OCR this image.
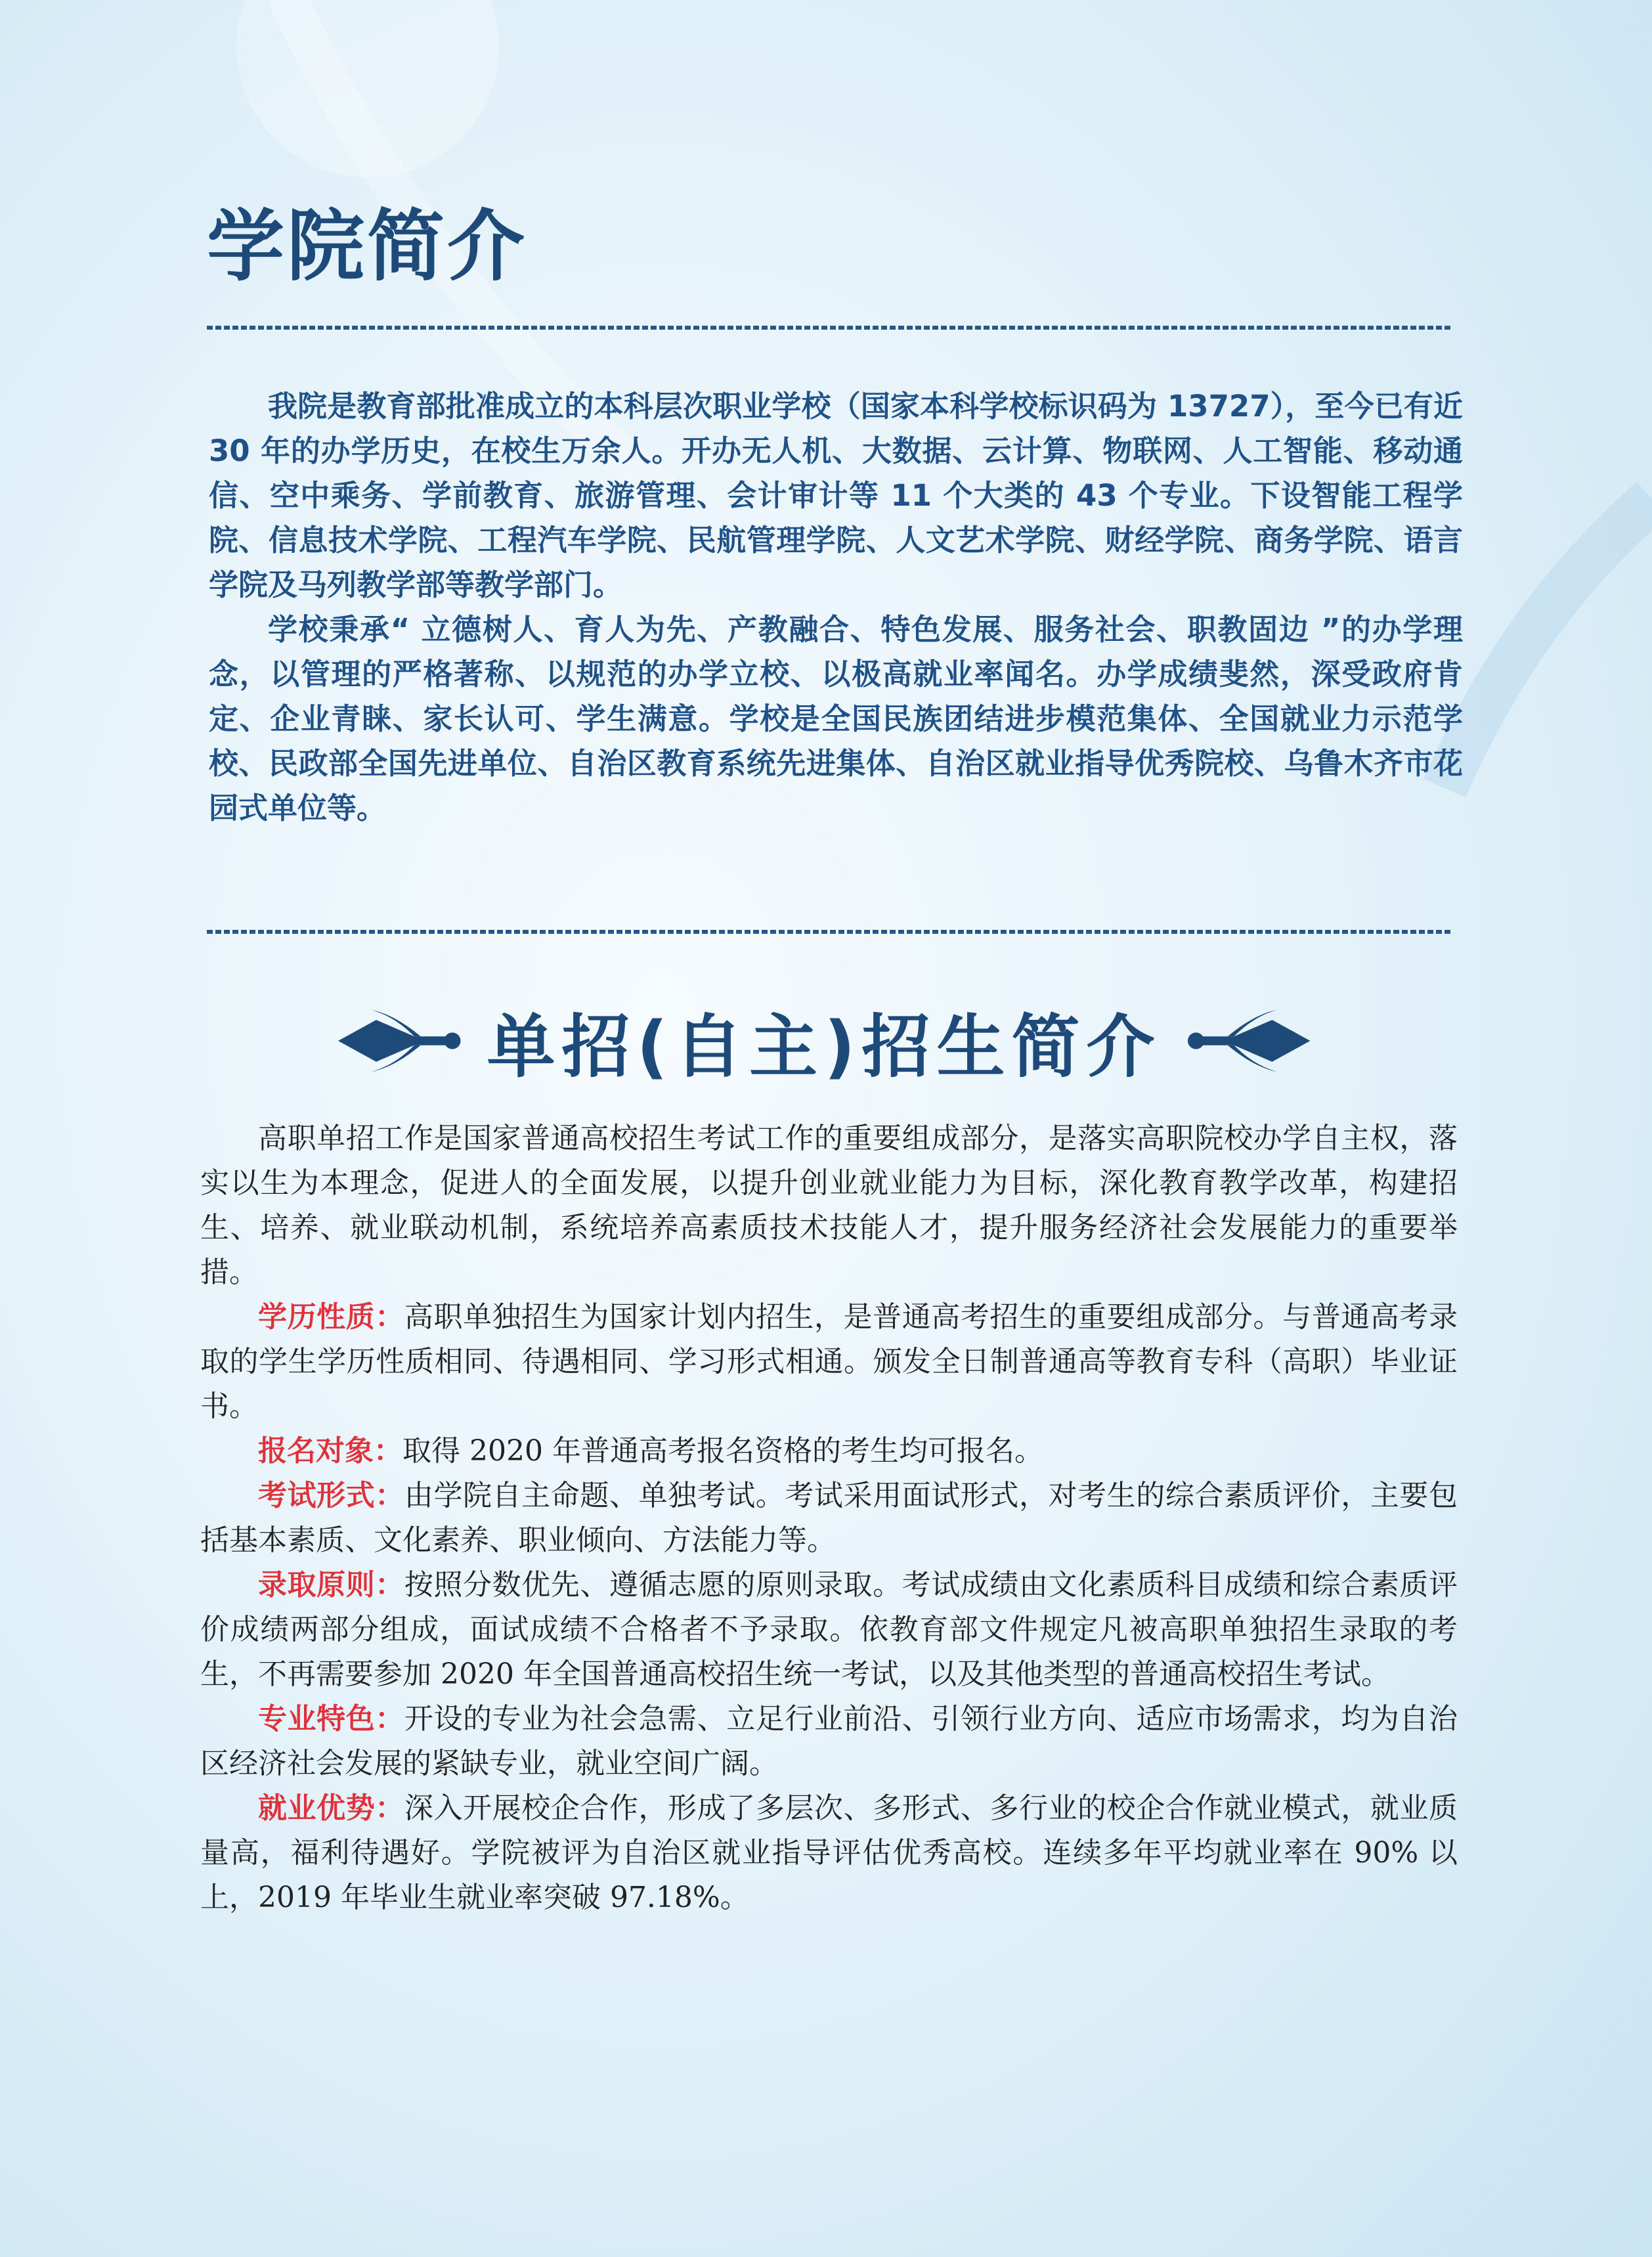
学院简介

我院是教育部批准成立的本科层次职业学校（国家本科学校标识码为 13727），至今已有近 30 年的办学历史，在校生万余人。开办无人机、大数据、云计算、物联网、人工智能、移动通信、空中乘务、学前教育、旅游管理、会计审计等 11 个大类的 43 个专业。下设智能工程学院、信息技术学院、工程汽车学院、民航管理学院、人文艺术学院、财经学院、商务学院、语言学院及马列教学部等教学部门。

学校秉承“ 立德树人、育人为先、产教融合、特色发展、服务社会、职教固边 ”的办学理念，以管理的严格著称、以规范的办学立校、以极高就业率闻名。办学成绩斐然，深受政府肯定、企业青睐、家长认可、学生满意。学校是全国民族团结进步模范集体、全国就业力示范学校、民政部全国先进单位、自治区教育系统先进集体、自治区就业指导优秀院校、乌鲁木齐市花园式单位等。

单招(自主)招生简介

高职单招工作是国家普通高校招生考试工作的重要组成部分，是落实高职院校办学自主权，落实以生为本理念，促进人的全面发展，以提升创业就业能力为目标，深化教育教学改革，构建招生、培养、就业联动机制，系统培养高素质技术技能人才，提升服务经济社会发展能力的重要举措。

学历性质：高职单独招生为国家计划内招生，是普通高考招生的重要组成部分。与普通高考录取的学生学历性质相同、待遇相同、学习形式相通。颁发全日制普通高等教育专科（高职）毕业证书。

报名对象：取得 2020 年普通高考报名资格的考生均可报名。

考试形式：由学院自主命题、单独考试。考试采用面试形式，对考生的综合素质评价，主要包括基本素质、文化素养、职业倾向、方法能力等。

录取原则：按照分数优先、遵循志愿的原则录取。考试成绩由文化素质科目成绩和综合素质评价成绩两部分组成，面试成绩不合格者不予录取。依教育部文件规定凡被高职单独招生录取的考生，不再需要参加 2020 年全国普通高校招生统一考试，以及其他类型的普通高校招生考试。

专业特色：开设的专业为社会急需、立足行业前沿、引领行业方向、适应市场需求，均为自治区经济社会发展的紧缺专业，就业空间广阔。

就业优势：深入开展校企合作，形成了多层次、多形式、多行业的校企合作就业模式，就业质量高，福利待遇好。学院被评为自治区就业指导评估优秀高校。连续多年平均就业率在 90% 以上，2019 年毕业生就业率突破 97.18%。
